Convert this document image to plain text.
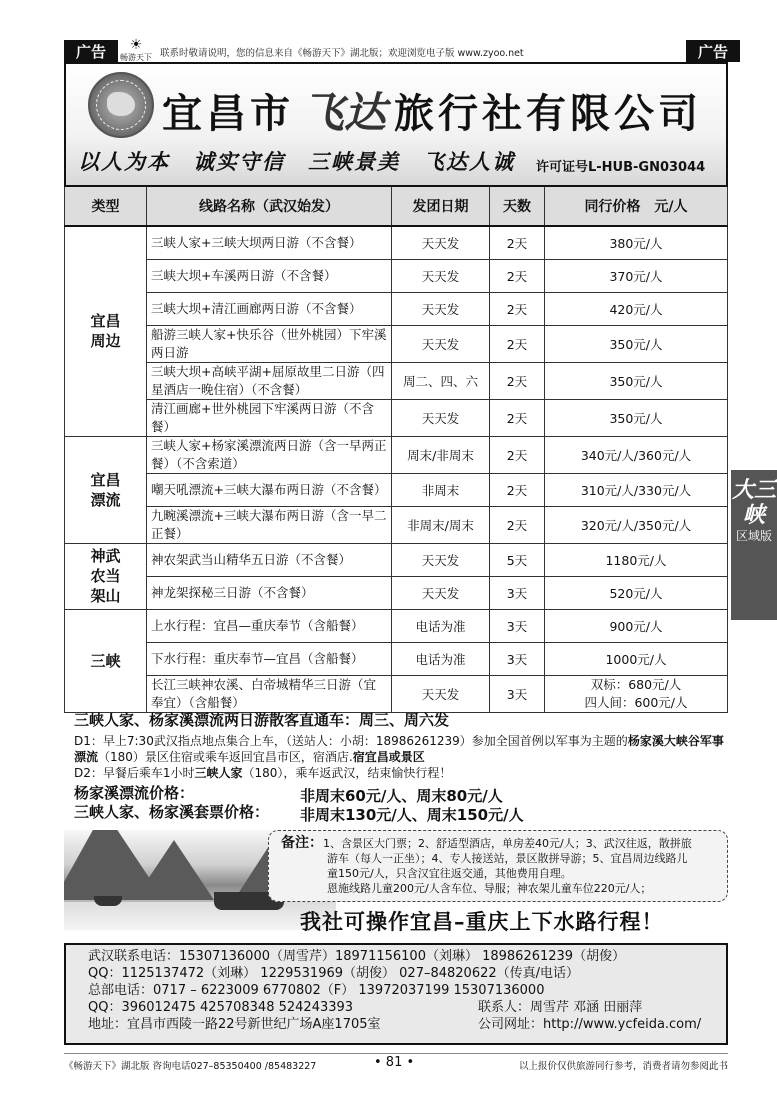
广告	☀
畅游天下 联系时敬请说明，您的信息来自《畅游天下》湖北版；欢迎浏览电子版 www.zyoo.net	广告
宜昌市 飞达 旅行社有限公司
以人为本　诚实守信　三峡景美　飞达人诚 许可证号L-HUB-GN03044
类型	线路名称（武汉始发）	发团日期	天数	同行价格　元/人
宜昌
周边	三峡人家+三峡大坝两日游（不含餐）	天天发	2天	380元/人
	三峡大坝+车溪两日游（不含餐）	天天发	2天	370元/人
	三峡大坝+清江画廊两日游（不含餐）	天天发	2天	420元/人
	船游三峡人家+快乐谷（世外桃园）下牢溪两日游	天天发	2天	350元/人
	三峡大坝+高峡平湖+屈原故里二日游（四星酒店一晚住宿）（不含餐）	周二、四、六	2天	350元/人
	清江画廊+世外桃园下牢溪两日游（不含餐）	天天发	2天	350元/人
宜昌
漂流	三峡人家+杨家溪漂流两日游（含一早两正餐）（不含索道）	周末/非周末	2天	340元/人/360元/人
	嘲天吼漂流+三峡大瀑布两日游（不含餐）	非周末	2天	310元/人/330元/人
	九畹溪漂流+三峡大瀑布两日游（含一早二正餐）	非周末/周末	2天	320元/人/350元/人
神武
农当
架山	神农架武当山精华五日游（不含餐）	天天发	5天	1180元/人
	神龙架探秘三日游（不含餐）	天天发	3天	520元/人
三峡	上水行程：宜昌—重庆奉节（含船餐）	电话为准	3天	900元/人
	下水行程：重庆奉节—宜昌（含船餐）	电话为准	3天	1000元/人
	长江三峡神农溪、白帝城精华三日游（宜奉宜）（含船餐）	天天发	3天	双标：680元/人
四人间：600元/人
大三峡
区域版
三峡人家、杨家溪漂流两日游散客直通车：周三、周六发
D1：早上7:30武汉指点地点集合上车，（送站人：小胡：18986261239）参加全国首例以军事为主题的杨家溪大峡谷军事漂流（180）景区住宿或乘车返回宜昌市区，宿酒店.宿宜昌或景区
D2：早餐后乘车1小时三峡人家（180），乘车返武汉，结束愉快行程！
杨家溪漂流价格：	非周末60元/人、周末80元/人
三峡人家、杨家溪套票价格： 非周末130元/人、周末150元/人
备注：1、含景区大门票；2、舒适型酒店，单房差40元/人；3、武汉往返，散拼旅
游车（每人一正坐）；4、专人接送站，景区散拼导游；5、宜昌周边线路儿
童150元/人，只含汉宜往返交通，其他费用自理。
恩施线路儿童200元/人含车位、导服；神农架儿童车位220元/人；
我社可操作宜昌–重庆上下水路行程！
武汉联系电话：15307136000（周雪芹）18971156100（刘琳） 18986261239（胡俊）
QQ：1125137472（刘琳） 1229531969（胡俊） 027–84820622（传真/电话）
总部电话：0717 – 6223009 6770802（F） 13972037199 15307136000
QQ：396012475 425708348 524243393	联系人：周雪芹 邓涵 田丽萍
地址：宜昌市西陵一路22号新世纪广场A座1705室	公司网址：http://www.ycfeida.com/
《畅游天下》湖北版 咨询电话027–85350400 /85483227	• 81 •	以上报价仅供旅游同行参考，消费者请勿参阅此书
